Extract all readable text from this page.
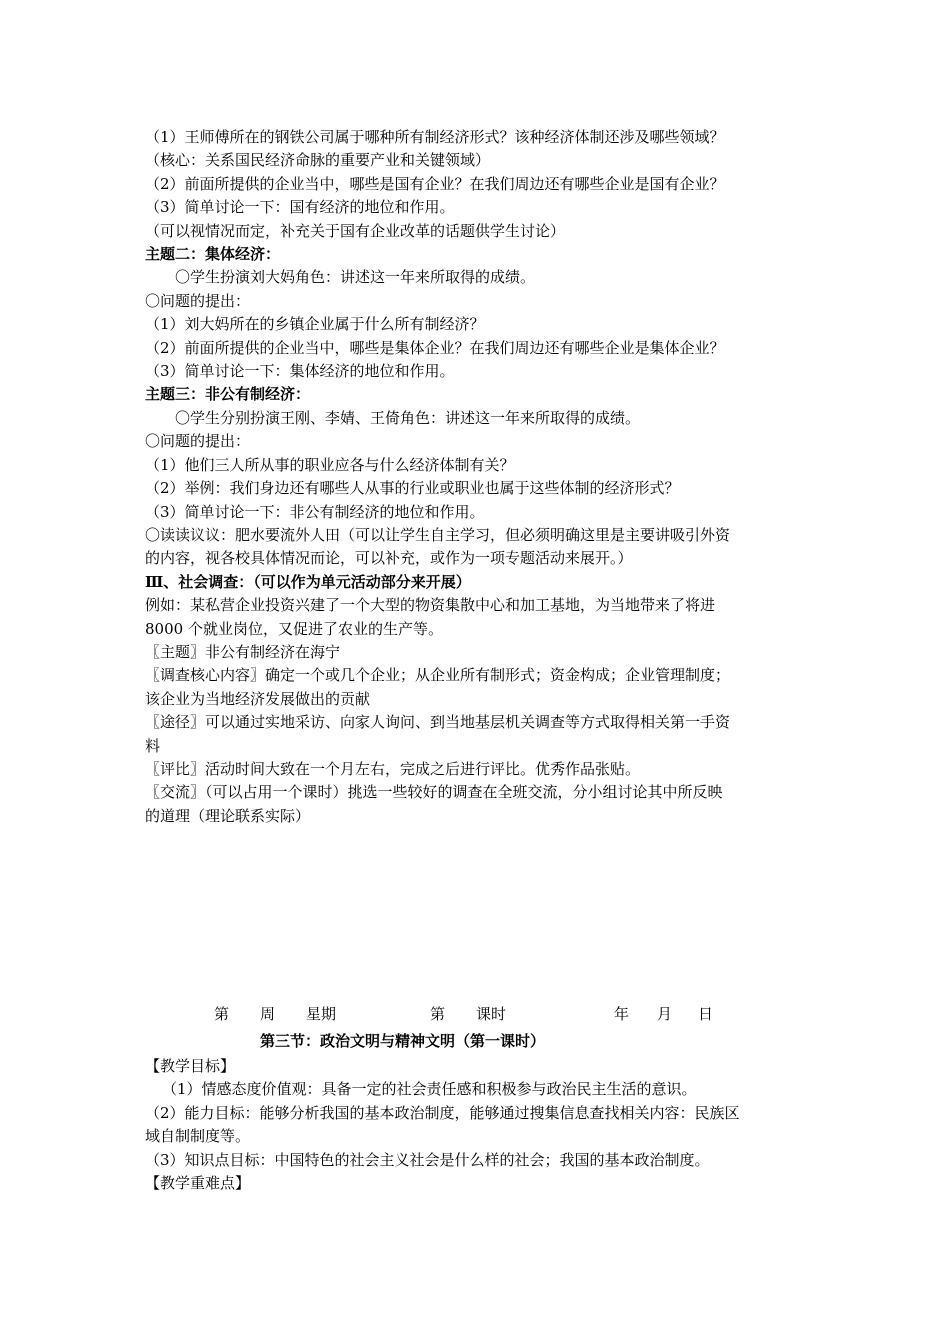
（1）王师傅所在的钢铁公司属于哪种所有制经济形式？该种经济体制还涉及哪些领域？
（核心：关系国民经济命脉的重要产业和关键领域）
（2）前面所提供的企业当中，哪些是国有企业？在我们周边还有哪些企业是国有企业？
（3）简单讨论一下：国有经济的地位和作用。
（可以视情况而定，补充关于国有企业改革的话题供学生讨论）
主题二：集体经济：
〇学生扮演刘大妈角色：讲述这一年来所取得的成绩。
〇问题的提出：
（1）刘大妈所在的乡镇企业属于什么所有制经济？
（2）前面所提供的企业当中，哪些是集体企业？在我们周边还有哪些企业是集体企业？
（3）简单讨论一下：集体经济的地位和作用。
主题三：非公有制经济：
〇学生分别扮演王刚、李婧、王倚角色：讲述这一年来所取得的成绩。
〇问题的提出：
（1）他们三人所从事的职业应各与什么经济体制有关？
（2）举例：我们身边还有哪些人从事的行业或职业也属于这些体制的经济形式？
（3）简单讨论一下：非公有制经济的地位和作用。
〇读读议议：肥水要流外人田（可以让学生自主学习，但必须明确这里是主要讲吸引外资
的内容，视各校具体情况而论，可以补充，或作为一项专题活动来展开。）
Ⅲ、社会调查：（可以作为单元活动部分来开展）
例如：某私营企业投资兴建了一个大型的物资集散中心和加工基地，为当地带来了将进
8000 个就业岗位，又促进了农业的生产等。
〖主题〗非公有制经济在海宁
〖调查核心内容〗确定一个或几个企业；从企业所有制形式；资金构成；企业管理制度；
该企业为当地经济发展做出的贡献
〖途径〗可以通过实地采访、向家人询问、到当地基层机关调查等方式取得相关第一手资
料
〖评比〗活动时间大致在一个月左右，完成之后进行评比。优秀作品张贴。
〖交流〗（可以占用一个课时）挑选一些较好的调查在全班交流，分小组讨论其中所反映
的道理（理论联系实际）
第 周 星期	第 课时	年 月 日
第三节：政治文明与精神文明（第一课时）
【教学目标】
（1）情感态度价值观：具备一定的社会责任感和积极参与政治民主生活的意识。
（2）能力目标：能够分析我国的基本政治制度，能够通过搜集信息查找相关内容：民族区
域自制制度等。
（3）知识点目标：中国特色的社会主义社会是什么样的社会；我国的基本政治制度。
【教学重难点】
